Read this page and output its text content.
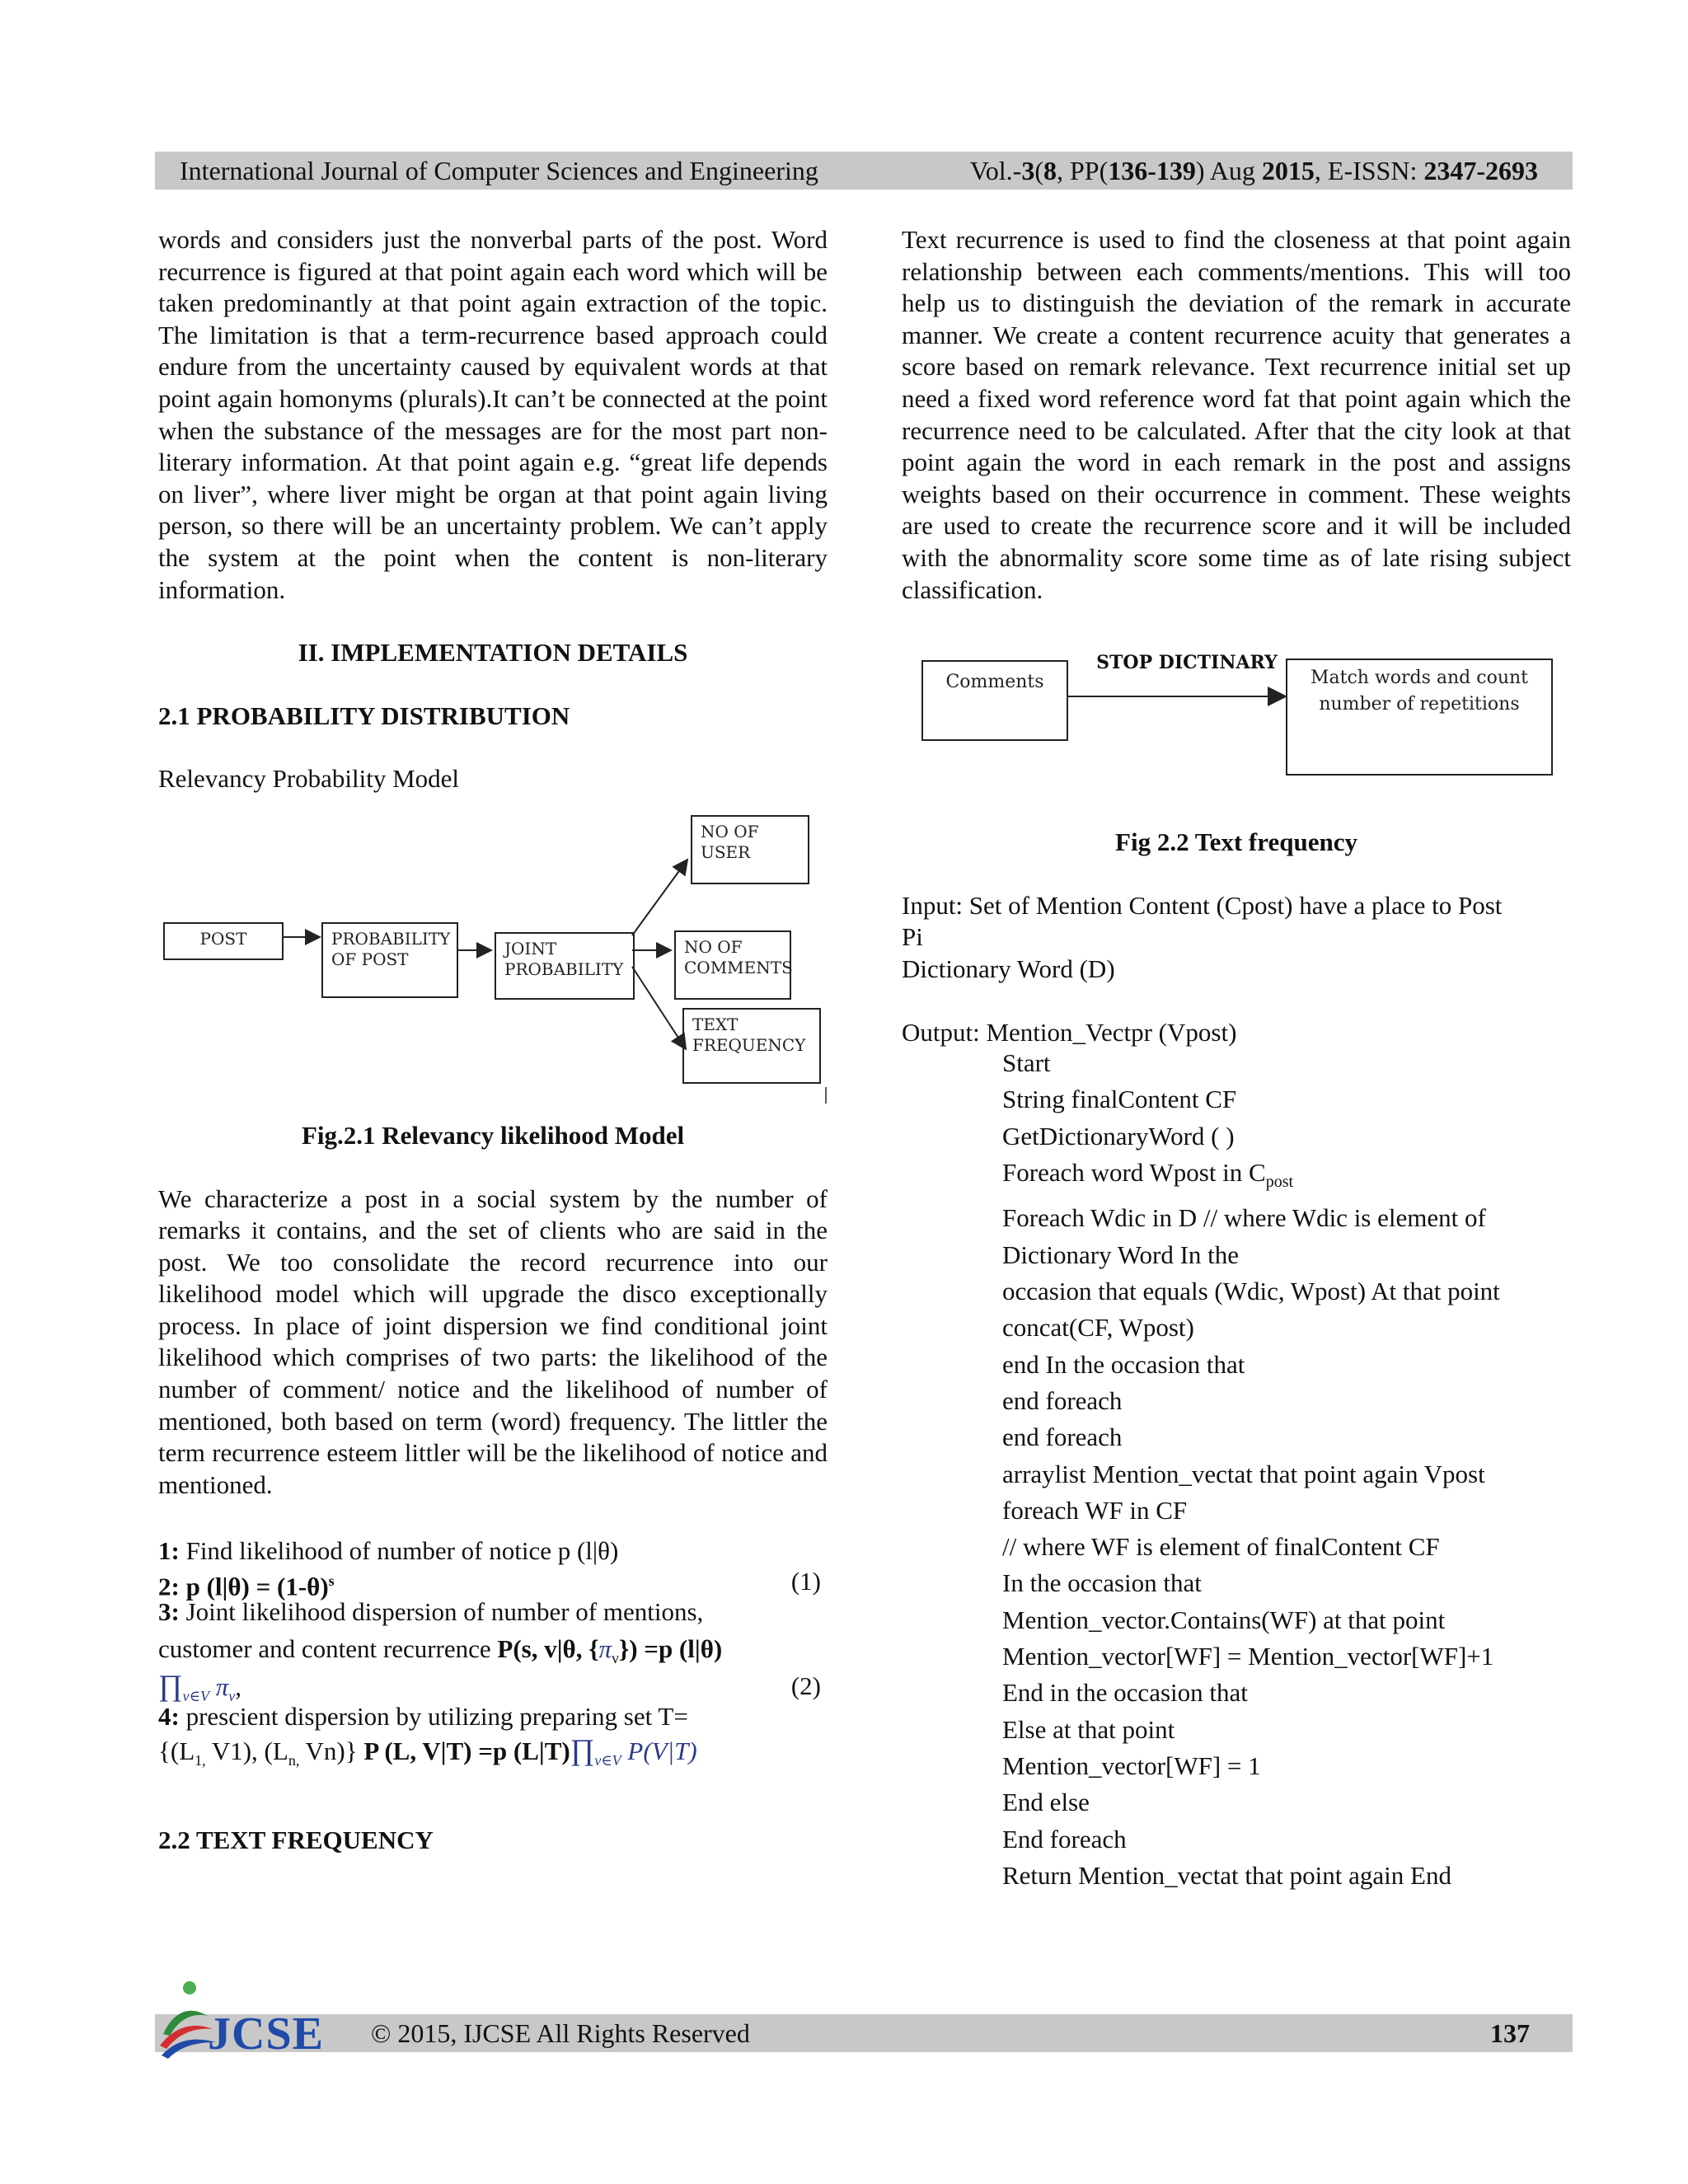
International Journal of Computer Sciences and Engineering	Vol.-3(8, PP(136-139) Aug 2015, E-ISSN: 2347-2693

words and considers just the nonverbal parts of the post. Word recurrence is figured at that point again each word which will be taken predominantly at that point again extraction of the topic. The limitation is that a term-recurrence based approach could endure from the uncertainty caused by equivalent words at that point again homonyms (plurals).It can’t be connected at the point when the substance of the messages are for the most part non-literary information. At that point again e.g. “great life depends on liver”, where liver might be organ at that point again living person, so there will be an uncertainty problem. We can’t apply the system at the point when the content is non-literary information.

II. IMPLEMENTATION DETAILS

2.1 PROBABILITY DISTRIBUTION

Relevancy Probability Model

POST	PROBABILITY
OF POST
JOINT
PROBABILITY
NO OF
USER
NO OF
COMMENTS
TEXT
FREQUENCY

Fig.2.1 Relevancy likelihood Model

We characterize a post in a social system by the number of remarks it contains, and the set of clients who are said in the post. We too consolidate the record recurrence into our likelihood model which will upgrade the disco exceptionally process. In place of joint dispersion we find conditional joint likelihood which comprises of two parts: the likelihood of the number of comment/ notice and the likelihood of number of mentioned, both based on term (word) frequency. The littler the term recurrence esteem littler will be the likelihood of notice and mentioned.

1: Find likelihood of number of notice p (l|θ)
2: p $(l|\theta) = (1-\theta)^s$	(1)
3: Joint likelihood dispersion of number of mentions,
customer and content recurrence P(s, v|θ, $\{\pi_v\}) =p$ (l|θ)
$\prod_{v\in V}$ $\pi_v$,	(2)
4: prescient dispersion by utilizing preparing set T=
{($L_{1,}$ V1), ($L_{n,}$ Vn)} P (L, V|T) =p $(L|T)\prod_{v\in V}$ P(V|T)

2.2 TEXT FREQUENCY

Text recurrence is used to find the closeness at that point again relationship between each comments/mentions. This will too help us to distinguish the deviation of the remark in accurate manner. We create a content recurrence acuity that generates a score based on remark relevance. Text recurrence initial set up need a fixed word reference word fat that point again which the recurrence need to be calculated. After that the city look at that point again the word in each remark in the post and assigns weights based on their occurrence in comment. These weights are used to create the recurrence score and it will be included with the abnormality score some time as of late rising subject classification.

Comments
STOP DICTINARY
Match words and count
number of repetitions

Fig 2.2 Text frequency

Input: Set of Mention Content (Cpost) have a place to Post

Pi

Dictionary Word (D)

Output: Mention_Vectpr (Vpost)

Start
String finalContent CF
GetDictionaryWord ( )
Foreach word Wpost in $C_{post}$
Foreach Wdic in D // where Wdic is element of
Dictionary Word In the
occasion that equals (Wdic, Wpost) At that point
concat(CF, Wpost)
end In the occasion that
end foreach
end foreach
arraylist Mention_vectat that point again Vpost
foreach WF in CF
// where WF is element of finalContent CF
In the occasion that
Mention_vector.Contains(WF) at that point
Mention_vector[WF] = Mention_vector[WF]+1
End in the occasion that
Else at that point
Mention_vector[WF] = 1
End else
End foreach
Return Mention_vectat that point again End
© 2015, IJCSE All Rights Reserved	137
JCSE
